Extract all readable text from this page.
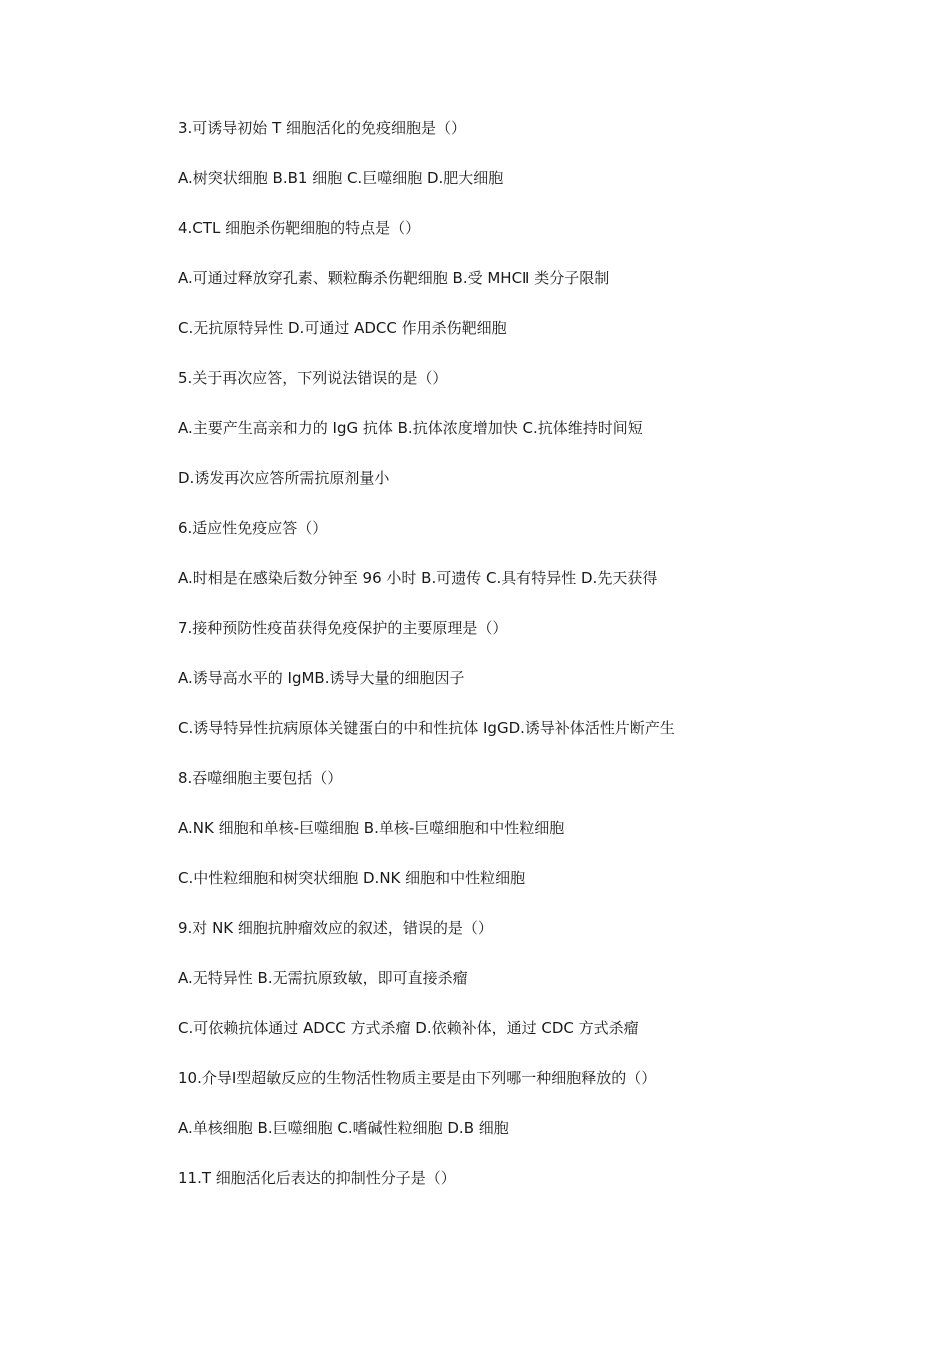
3.可诱导初始 T 细胞活化的免疫细胞是（）
A.树突状细胞 B.B1 细胞 C.巨噬细胞 D.肥大细胞
4.CTL 细胞杀伤靶细胞的特点是（）
A.可通过释放穿孔素、颗粒酶杀伤靶细胞 B.受 MHCⅡ 类分子限制
C.无抗原特异性 D.可通过 ADCC 作用杀伤靶细胞
5.关于再次应答，下列说法错误的是（）
A.主要产生高亲和力的 IgG 抗体 B.抗体浓度增加快 C.抗体维持时间短
D.诱发再次应答所需抗原剂量小
6.适应性免疫应答（）
A.时相是在感染后数分钟至 96 小时 B.可遗传 C.具有特异性 D.先天获得
7.接种预防性疫苗获得免疫保护的主要原理是（）
A.诱导高水平的 IgMB.诱导大量的细胞因子
C.诱导特异性抗病原体关键蛋白的中和性抗体 IgGD.诱导补体活性片断产生
8.吞噬细胞主要包括（）
A.NK 细胞和单核-巨噬细胞 B.单核-巨噬细胞和中性粒细胞
C.中性粒细胞和树突状细胞 D.NK 细胞和中性粒细胞
9.对 NK 细胞抗肿瘤效应的叙述，错误的是（）
A.无特异性 B.无需抗原致敏，即可直接杀瘤
C.可依赖抗体通过 ADCC 方式杀瘤 D.依赖补体，通过 CDC 方式杀瘤
10.介导Ⅰ型超敏反应的生物活性物质主要是由下列哪一种细胞释放的（）
A.单核细胞 B.巨噬细胞 C.嗜碱性粒细胞 D.B 细胞
11.T 细胞活化后表达的抑制性分子是（）
